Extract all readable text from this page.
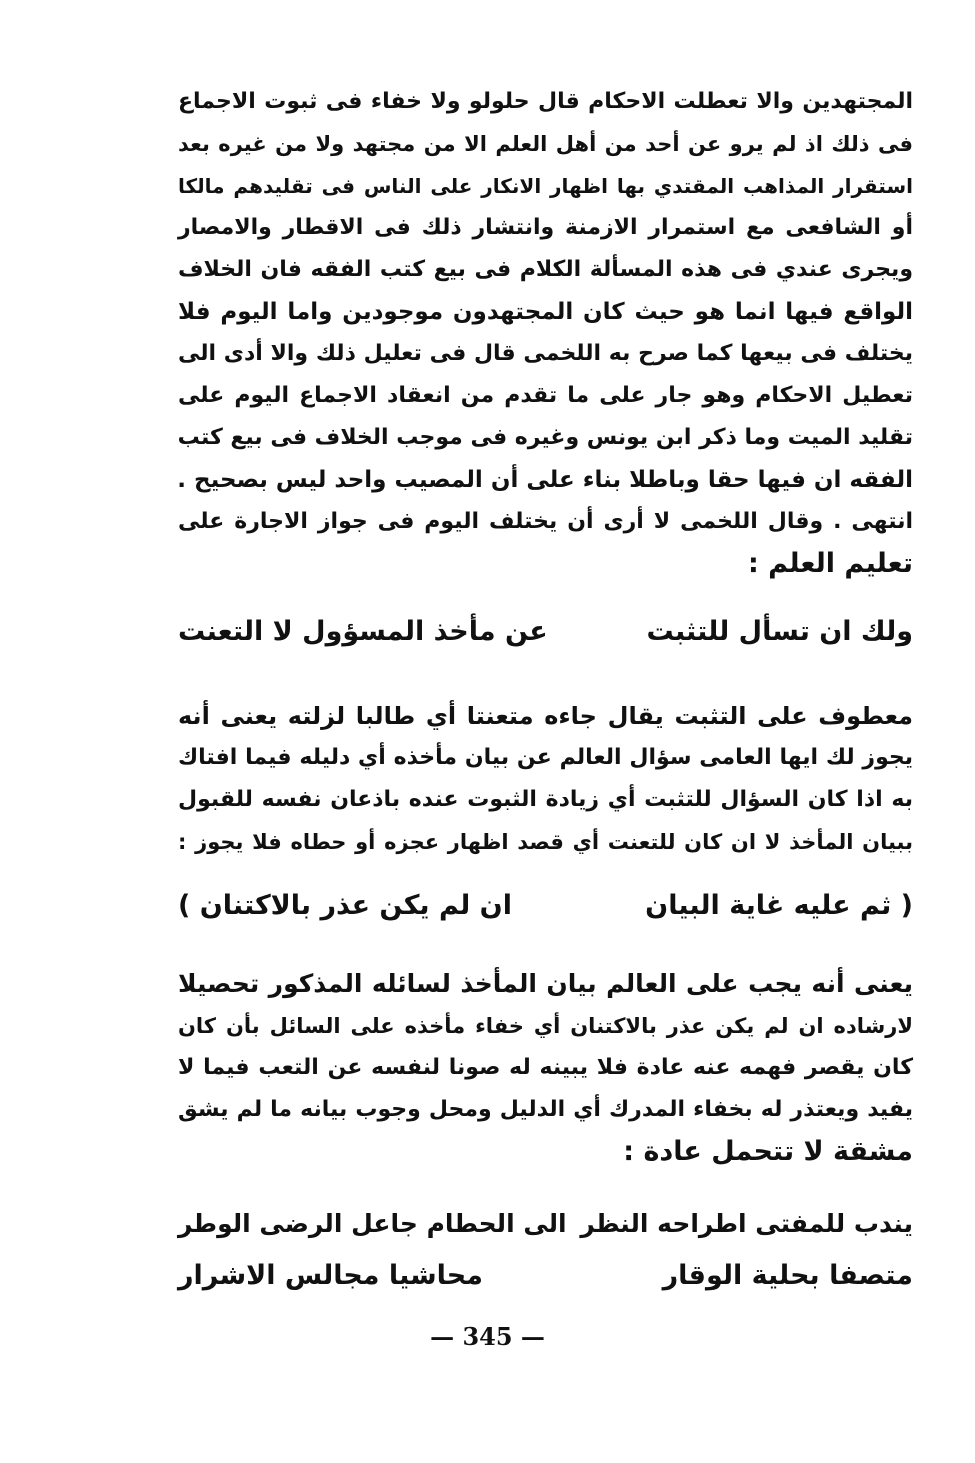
المجتهدين والا تعطلت الاحكام قال حلولو ولا خفاء فى ثبوت الاجماع
فى ذلك اذ لم يرو عن أحد من أهل العلم الا من مجتهد ولا من غيره بعد
استقرار المذاهب المقتدي بها اظهار الانكار على الناس فى تقليدهم مالكا
أو الشافعى مع استمرار الازمنة وانتشار ذلك فى الاقطار والامصار
ويجرى عندي فى هذه المسألة الكلام فى بيع كتب الفقه فان الخلاف
الواقع فيها انما هو حيث كان المجتهدون موجودين واما اليوم فلا
يختلف فى بيعها كما صرح به اللخمى قال فى تعليل ذلك والا أدى الى
تعطيل الاحكام وهو جار على ما تقدم من انعقاد الاجماع اليوم على
تقليد الميت وما ذكر ابن يونس وغيره فى موجب الخلاف فى بيع كتب
الفقه ان فيها حقا وباطلا بناء على أن المصيب واحد ليس بصحيح .
انتهى . وقال اللخمى لا أرى أن يختلف اليوم فى جواز الاجارة على
تعليم العلم :
ولك ان تسأل للتثبت
عن مأخذ المسؤول لا التعنت
معطوف على التثبت يقال جاءه متعنتا أي طالبا لزلته يعنى أنه
يجوز لك ايها العامى سؤال العالم عن بيان مأخذه أي دليله فيما افتاك
به اذا كان السؤال للتثبت أي زيادة الثبوت عنده باذعان نفسه للقبول
ببيان المأخذ لا ان كان للتعنت أي قصد اظهار عجزه أو حطاه فلا يجوز :
( ثم عليه غاية البيان
ان لم يكن عذر بالاكتنان )
يعنى أنه يجب على العالم بيان المأخذ لسائله المذكور تحصيلا
لارشاده ان لم يكن عذر بالاكتنان أي خفاء مأخذه على السائل بأن كان
كان يقصر فهمه عنه عادة فلا يبينه له صونا لنفسه عن التعب فيما لا
يفيد ويعتذر له بخفاء المدرك أي الدليل ومحل وجوب بيانه ما لم يشق
مشقة لا تتحمل عادة :
يندب للمفتى اطراحه النظر
الى الحطام جاعل الرضى الوطر
متصفا بحلية الوقار
محاشيا مجالس الاشرار
— 345 —
